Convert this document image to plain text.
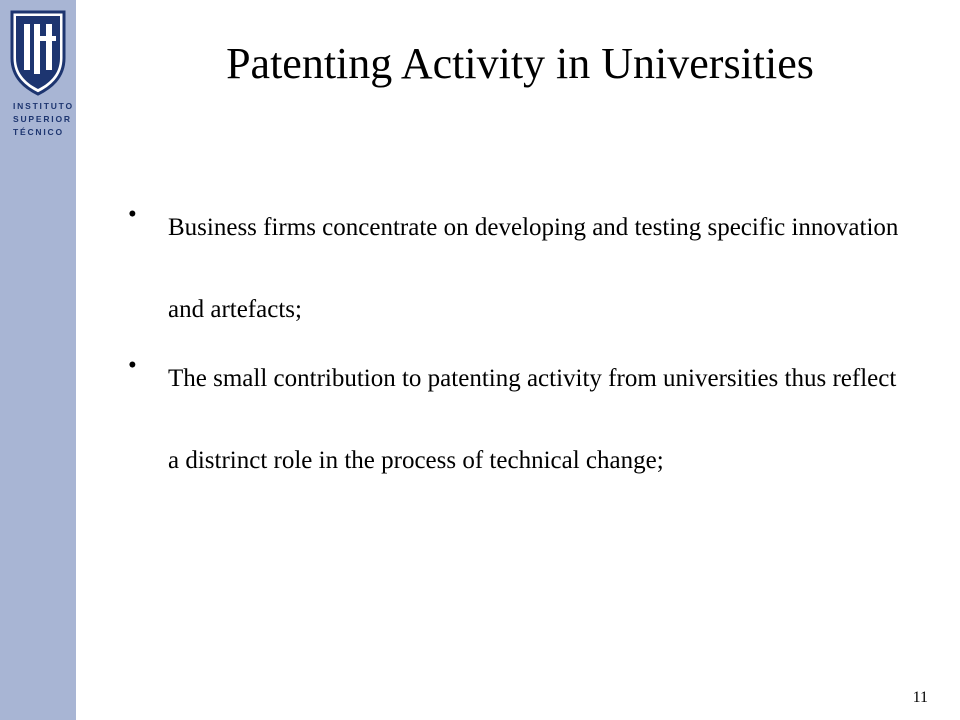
INSTITUTO
SUPERIOR
TÉCNICO
Patenting Activity in Universities
• Business firms concentrate on developing and testing specific innovation and artefacts;
• The small contribution to patenting activity from universities thus reflect a distrinct role in the process of technical change;
11
